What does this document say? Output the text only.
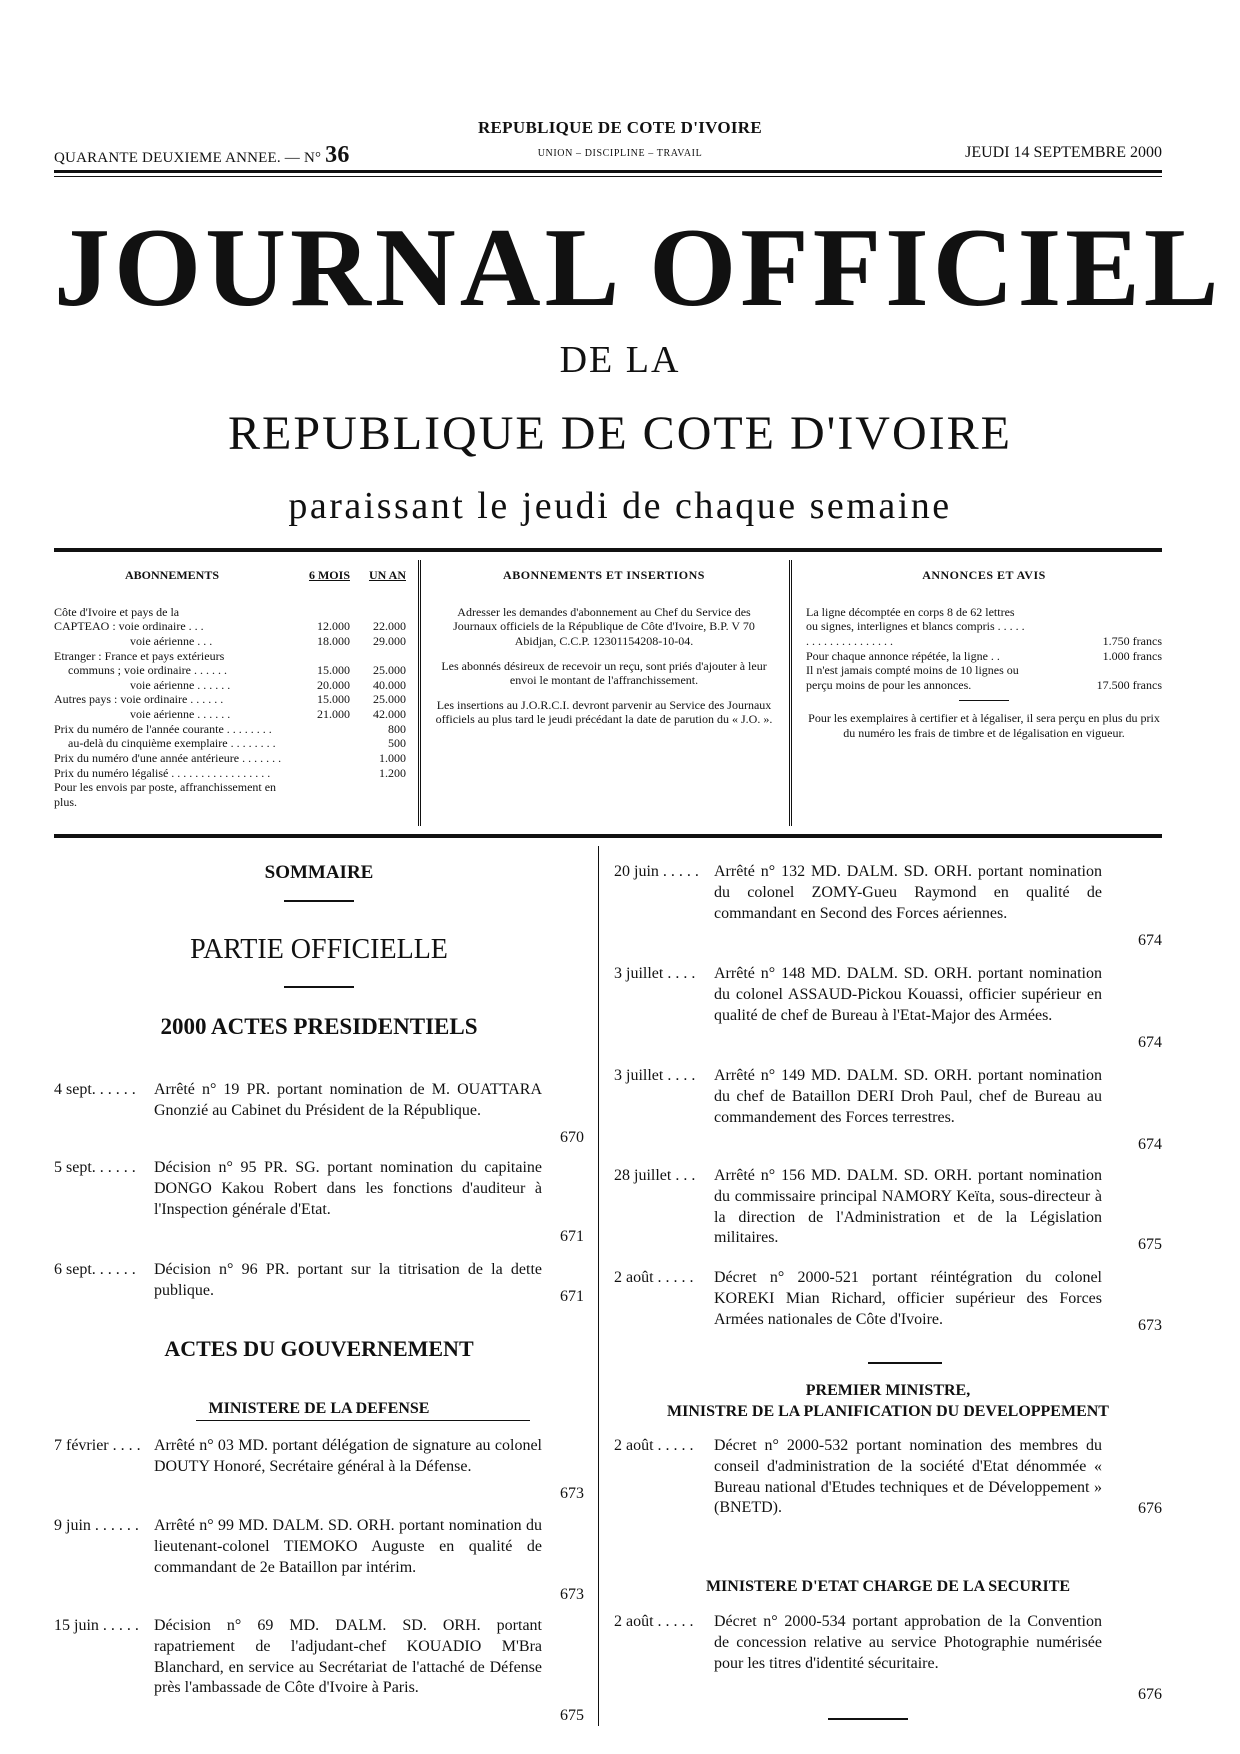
QUARANTE DEUXIEME ANNEE. — N° 36
REPUBLIQUE DE COTE D'IVOIRE
UNION – DISCIPLINE – TRAVAIL	JEUDI 14 SEPTEMBRE 2000
JOURNAL OFFICIEL
DE LA
REPUBLIQUE DE COTE D'IVOIRE
paraissant le jeudi de chaque semaine
ABONNEMENTS	6 MOIS	UN AN
Côte d'Ivoire et pays de la
CAPTEAO : voie ordinaire . . .	12.000	22.000
voie aérienne . . .	18.000	29.000
Etranger : France et pays extérieurs
communs ; voie ordinaire . . . . . .	15.000	25.000
voie aérienne . . . . . .	20.000	40.000
Autres pays : voie ordinaire . . . . . .	15.000	25.000
voie aérienne . . . . . .	21.000	42.000
Prix du numéro de l'année courante . . . . . . . .	800
au-delà du cinquième exemplaire . . . . . . . .	500
Prix du numéro d'une année antérieure . . . . . . .	1.000
Prix du numéro légalisé . . . . . . . . . . . . . . . . .	1.200
Pour les envois par poste, affranchissement en plus.
ABONNEMENTS ET INSERTIONS

Adresser les demandes d'abonnement au Chef du Service des Journaux officiels de la République de Côte d'Ivoire, B.P. V 70 Abidjan, C.C.P. 12301154208-10-04.

Les abonnés désireux de recevoir un reçu, sont priés d'ajouter à leur envoi le montant de l'affranchissement.

Les insertions au J.O.R.C.I. devront parvenir au Service des Journaux officiels au plus tard le jeudi précédant la date de parution du « J.O. ».

ANNONCES ET AVIS
La ligne décomptée en corps 8 de 62 lettres ou signes, interlignes et blancs compris . . . . . . . . . . . . . . . . . . . .	1.750 francs
Pour chaque annonce répétée, la ligne . .	1.000 francs
Il n'est jamais compté moins de 10 lignes ou perçu moins de pour les annonces.	17.500 francs
Pour les exemplaires à certifier et à légaliser, il sera perçu en plus du prix du numéro les frais de timbre et de légalisation en vigueur.
SOMMAIRE
PARTIE OFFICIELLE
2000 ACTES PRESIDENTIELS
4 sept. . . . . . Arrêté n° 19 PR. portant nomination de M. OUATTARA Gnonzié au Cabinet du Président de la République.
670
5 sept. . . . . . Décision n° 95 PR. SG. portant nomination du capitaine DONGO Kakou Robert dans les fonctions d'auditeur à l'Inspection générale d'Etat.
671
6 sept. . . . . . Décision n° 96 PR. portant sur la titrisation de la dette publique.	671
ACTES DU GOUVERNEMENT
MINISTERE DE LA DEFENSE
7 février . . . . Arrêté n° 03 MD. portant délégation de signature au colonel DOUTY Honoré, Secrétaire général à la Défense.
673
9 juin . . . . . . Arrêté n° 99 MD. DALM. SD. ORH. portant nomination du lieutenant-colonel TIEMOKO Auguste en qualité de commandant de 2e Bataillon par intérim.
673
15 juin . . . . . Décision n° 69 MD. DALM. SD. ORH. portant rapatriement de l'adjudant-chef KOUADIO M'Bra Blanchard, en service au Secrétariat de l'attaché de Défense près l'ambassade de Côte d'Ivoire à Paris.
675
20 juin . . . . . Arrêté n° 132 MD. DALM. SD. ORH. portant nomination du colonel ZOMY-Gueu Raymond en qualité de commandant en Second des Forces aériennes.
674
3 juillet . . . . Arrêté n° 148 MD. DALM. SD. ORH. portant nomination du colonel ASSAUD-Pickou Kouassi, officier supérieur en qualité de chef de Bureau à l'Etat-Major des Armées.
674
3 juillet . . . . Arrêté n° 149 MD. DALM. SD. ORH. portant nomination du chef de Bataillon DERI Droh Paul, chef de Bureau au commandement des Forces terrestres.
674
28 juillet . . . Arrêté n° 156 MD. DALM. SD. ORH. portant nomination du commissaire principal NAMORY Keïta, sous-directeur à la direction de l'Administration et de la Législation militaires.	675
2 août . . . . . Décret n° 2000-521 portant réintégration du colonel KOREKI Mian Richard, officier supérieur des Forces Armées nationales de Côte d'Ivoire.	673
PREMIER MINISTRE,
MINISTRE DE LA PLANIFICATION DU DEVELOPPEMENT
2 août . . . . . Décret n° 2000-532 portant nomination des membres du conseil d'administration de la société d'Etat dénommée « Bureau national d'Etudes techniques et de Développement » (BNETD).	676
MINISTERE D'ETAT CHARGE DE LA SECURITE
2 août . . . . . Décret n° 2000-534 portant approbation de la Convention de concession relative au service Photographie numérisée pour les titres d'identité sécuritaire.
676
